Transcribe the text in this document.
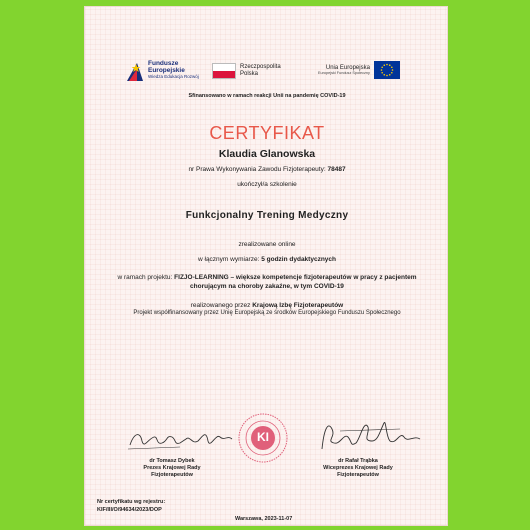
Fundusze
Europejskie
Wiedza Edukacja Rozwój
Rzeczpospolita
Polska
Unia Europejska
Europejski Fundusz Społeczny
Sfinansowano w ramach reakcji Unii na pandemię COVID-19
CERTYFIKAT
Klaudia Glanowska
nr Prawa Wykonywania Zawodu Fizjoterapeuty: 78487
ukończył/a szkolenie
Funkcjonalny Trening Medyczny
zrealizowane online
w łącznym wymiarze: 5 godzin dydaktycznych
w ramach projektu: FIZJO-LEARNING – większe kompetencje fizjoterapeutów w pracy z pacjentem chorującym na choroby zakaźne, w tym COVID-19
realizowanego przez Krajową Izbę Fizjoterapeutów
Projekt współfinansowany przez Unię Europejską ze środków Europejskiego Funduszu Społecznego
KI
dr Tomasz Dybek
Prezes Krajowej Rady
Fizjoterapeutów
dr Rafał Trąbka
Wiceprezes Krajowej Rady
Fizjoterapeutów
Nr certyfikatu wg rejestru:
KIF/III/O/94634/2023/DOP
Warszawa, 2023-11-07
